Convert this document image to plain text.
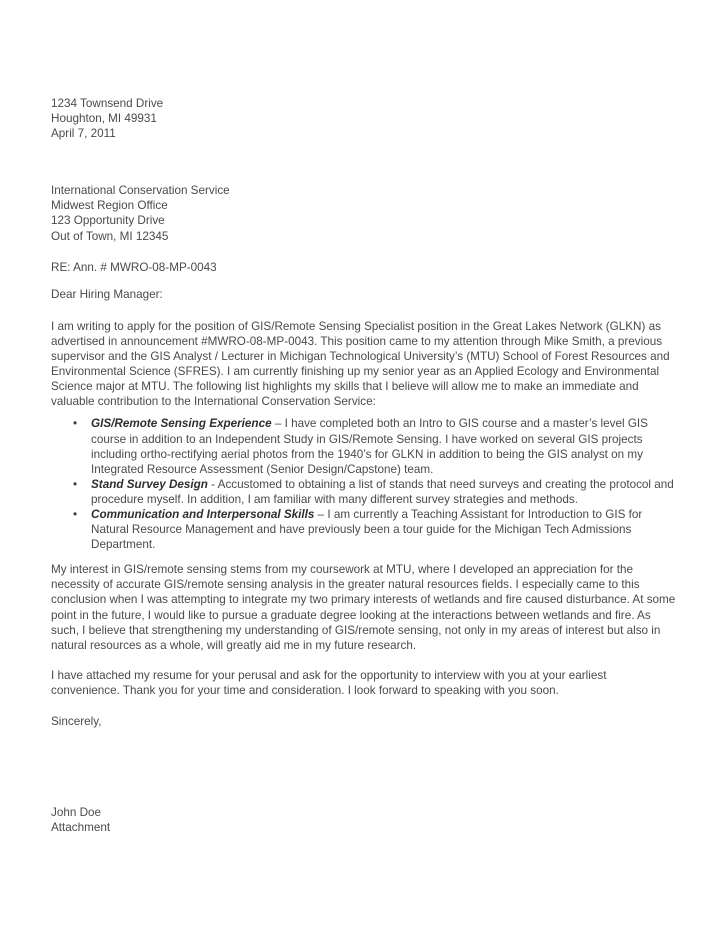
1234 Townsend Drive
Houghton, MI 49931
April 7, 2011
International Conservation Service
Midwest Region Office
123 Opportunity Drive
Out of Town, MI 12345
RE: Ann. # MWRO-08-MP-0043
Dear Hiring Manager:

I am writing to apply for the position of GIS/Remote Sensing Specialist position in the Great Lakes Network (GLKN) as advertised in announcement #MWRO-08-MP-0043. This position came to my attention through Mike Smith, a previous supervisor and the GIS Analyst / Lecturer in Michigan Technological University’s (MTU) School of Forest Resources and Environmental Science (SFRES). I am currently finishing up my senior year as an Applied Ecology and Environmental Science major at MTU. The following list highlights my skills that I believe will allow me to make an immediate and valuable contribution to the International Conservation Service:

• GIS/Remote Sensing Experience – I have completed both an Intro to GIS course and a master’s level GIS course in addition to an Independent Study in GIS/Remote Sensing. I have worked on several GIS projects including ortho-rectifying aerial photos from the 1940’s for GLKN in addition to being the GIS analyst on my Integrated Resource Assessment (Senior Design/Capstone) team.
• Stand Survey Design - Accustomed to obtaining a list of stands that need surveys and creating the protocol and procedure myself. In addition, I am familiar with many different survey strategies and methods.
• Communication and Interpersonal Skills – I am currently a Teaching Assistant for Introduction to GIS for Natural Resource Management and have previously been a tour guide for the Michigan Tech Admissions Department.

My interest in GIS/remote sensing stems from my coursework at MTU, where I developed an appreciation for the necessity of accurate GIS/remote sensing analysis in the greater natural resources fields. I especially came to this conclusion when I was attempting to integrate my two primary interests of wetlands and fire caused disturbance. At some point in the future, I would like to pursue a graduate degree looking at the interactions between wetlands and fire. As such, I believe that strengthening my understanding of GIS/remote sensing, not only in my areas of interest but also in natural resources as a whole, will greatly aid me in my future research.

I have attached my resume for your perusal and ask for the opportunity to interview with you at your earliest convenience. Thank you for your time and consideration. I look forward to speaking with you soon.

Sincerely,
John Doe
Attachment
